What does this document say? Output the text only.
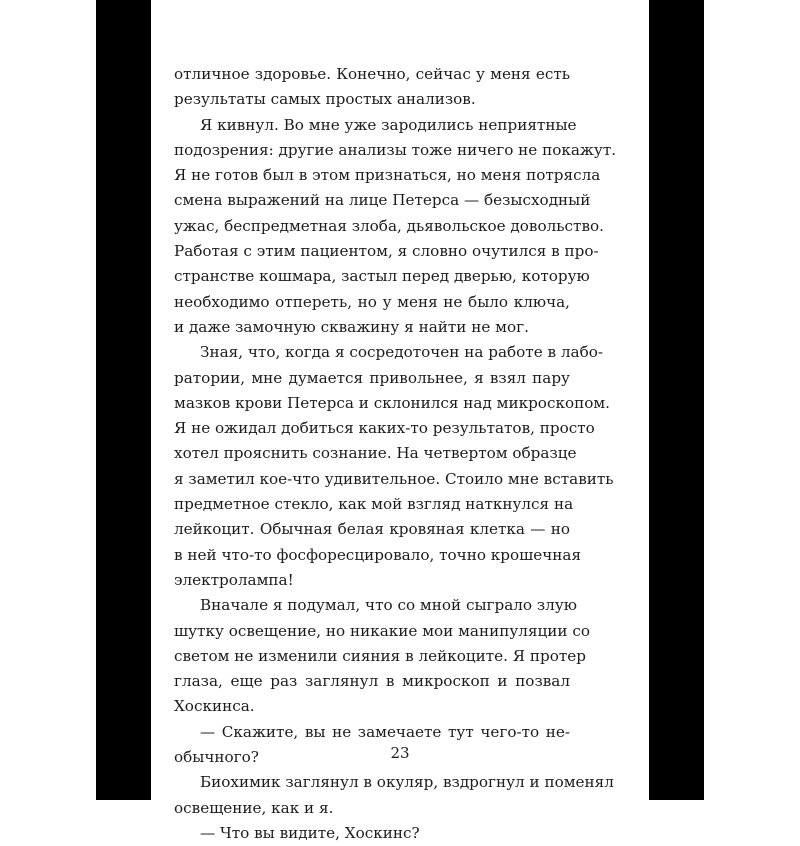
отличное здоровье. Конечно, сейчас у меня есть
результаты самых простых анализов.
Я кивнул. Во мне уже зародились неприятные
подозрения: другие анализы тоже ничего не покажут.
Я не готов был в этом признаться, но меня потрясла
смена выражений на лице Петерса — безысходный
ужас, беспредметная злоба, дьявольское довольство.
Работая с этим пациентом, я словно очутился в про-
странстве кошмара, застыл перед дверью, которую
необходимо отпереть, но у меня не было ключа,
и даже замочную скважину я найти не мог.
Зная, что, когда я сосредоточен на работе в лабо-
ратории, мне думается привольнее, я взял пару
мазков крови Петерса и склонился над микроскопом.
Я не ожидал добиться каких-то результатов, просто
хотел прояснить сознание. На четвертом образце
я заметил кое-что удивительное. Стоило мне вставить
предметное стекло, как мой взгляд наткнулся на
лейкоцит. Обычная белая кровяная клетка — но
в ней что-то фосфоресцировало, точно крошечная
электролампа!
Вначале я подумал, что со мной сыграло злую
шутку освещение, но никакие мои манипуляции со
светом не изменили сияния в лейкоците. Я протер
глаза, еще раз заглянул в микроскоп и позвал
Хоскинса.
— Скажите, вы не замечаете тут чего-то не-
обычного?
Биохимик заглянул в окуляр, вздрогнул и поменял
освещение, как и я.
— Что вы видите, Хоскинс?
23
